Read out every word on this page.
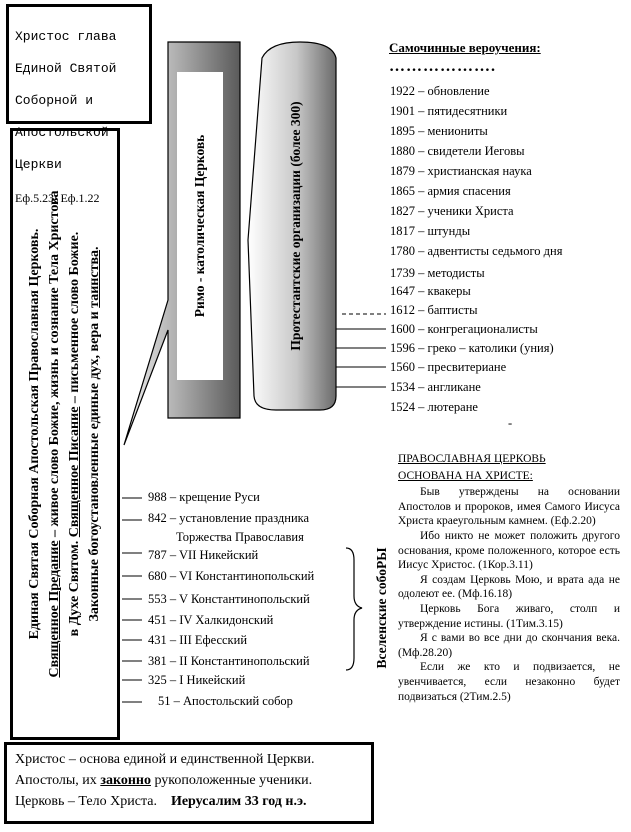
Христос глава

Единой Святой

Соборной и

Апостольской

Церкви

Еф.5.23; Еф.1.22
Единая Святая Соборная Апостольская Православная Церковь. Священное Предание – живое слово Божие, жизнь и сознание Тела Христова
в Духе Святом. Священное Писание – письменное слово Божие. Законные богоустановленные единые дух, вера и таинства.	Римо - католическая Церковь	Протестантские организации (более 300)
Вселенские собоРЫ
Самочинные вероучения:
……………….
1922 – обновление
1901 – пятидесятники
1895 – мениониты
1880 – свидетели Иеговы
1879 – христианская наука
1865 – армия спасения
1827 – ученики Христа
1817 – штунды
1780 – адвентисты седьмого дня
1739 – методисты
1647 – квакеры
1612 – баптисты
1600 – конгрегационалисты
1596 – греко – католики (уния)
1560 – пресвитериане
1534 – англикане
1524 – лютеране
-
988 – крещение Руси
842 – установление праздника
Торжества Православия
787 – VII Никейский
680 – VI Константинопольский
553 – V Константинопольский
451 – IV Халкидонский
431 – III Ефесский
381 – II Константинопольский
325 – I Никейский
51 – Апостольский собор
ПРАВОСЛАВНАЯ ЦЕРКОВЬ
ОСНОВАНА НА ХРИСТЕ:

Быв утверждены на основании Апостолов и пророков, имея Самого Иисуса Христа краеугольным камнем. (Еф.2.20)

Ибо никто не может положить другого основания, кроме положенного, которое есть Иисус Христос. (1Кор.3.11)

Я создам Церковь Мою, и врата ада не одолеют ее. (Мф.16.18)

Церковь Бога живаго, столп и утверждение истины. (1Тим.3.15)

Я с вами во все дни до скончания века. (Мф.28.20)

Если же кто и подвизается, не увенчивается, если незаконно будет подвизаться (2Тим.2.5)

Христос – основа единой и единственной Церкви.
Апостолы, их законно рукоположенные ученики.
Церковь – Тело Христа.    Иерусалим 33 год н.э.
